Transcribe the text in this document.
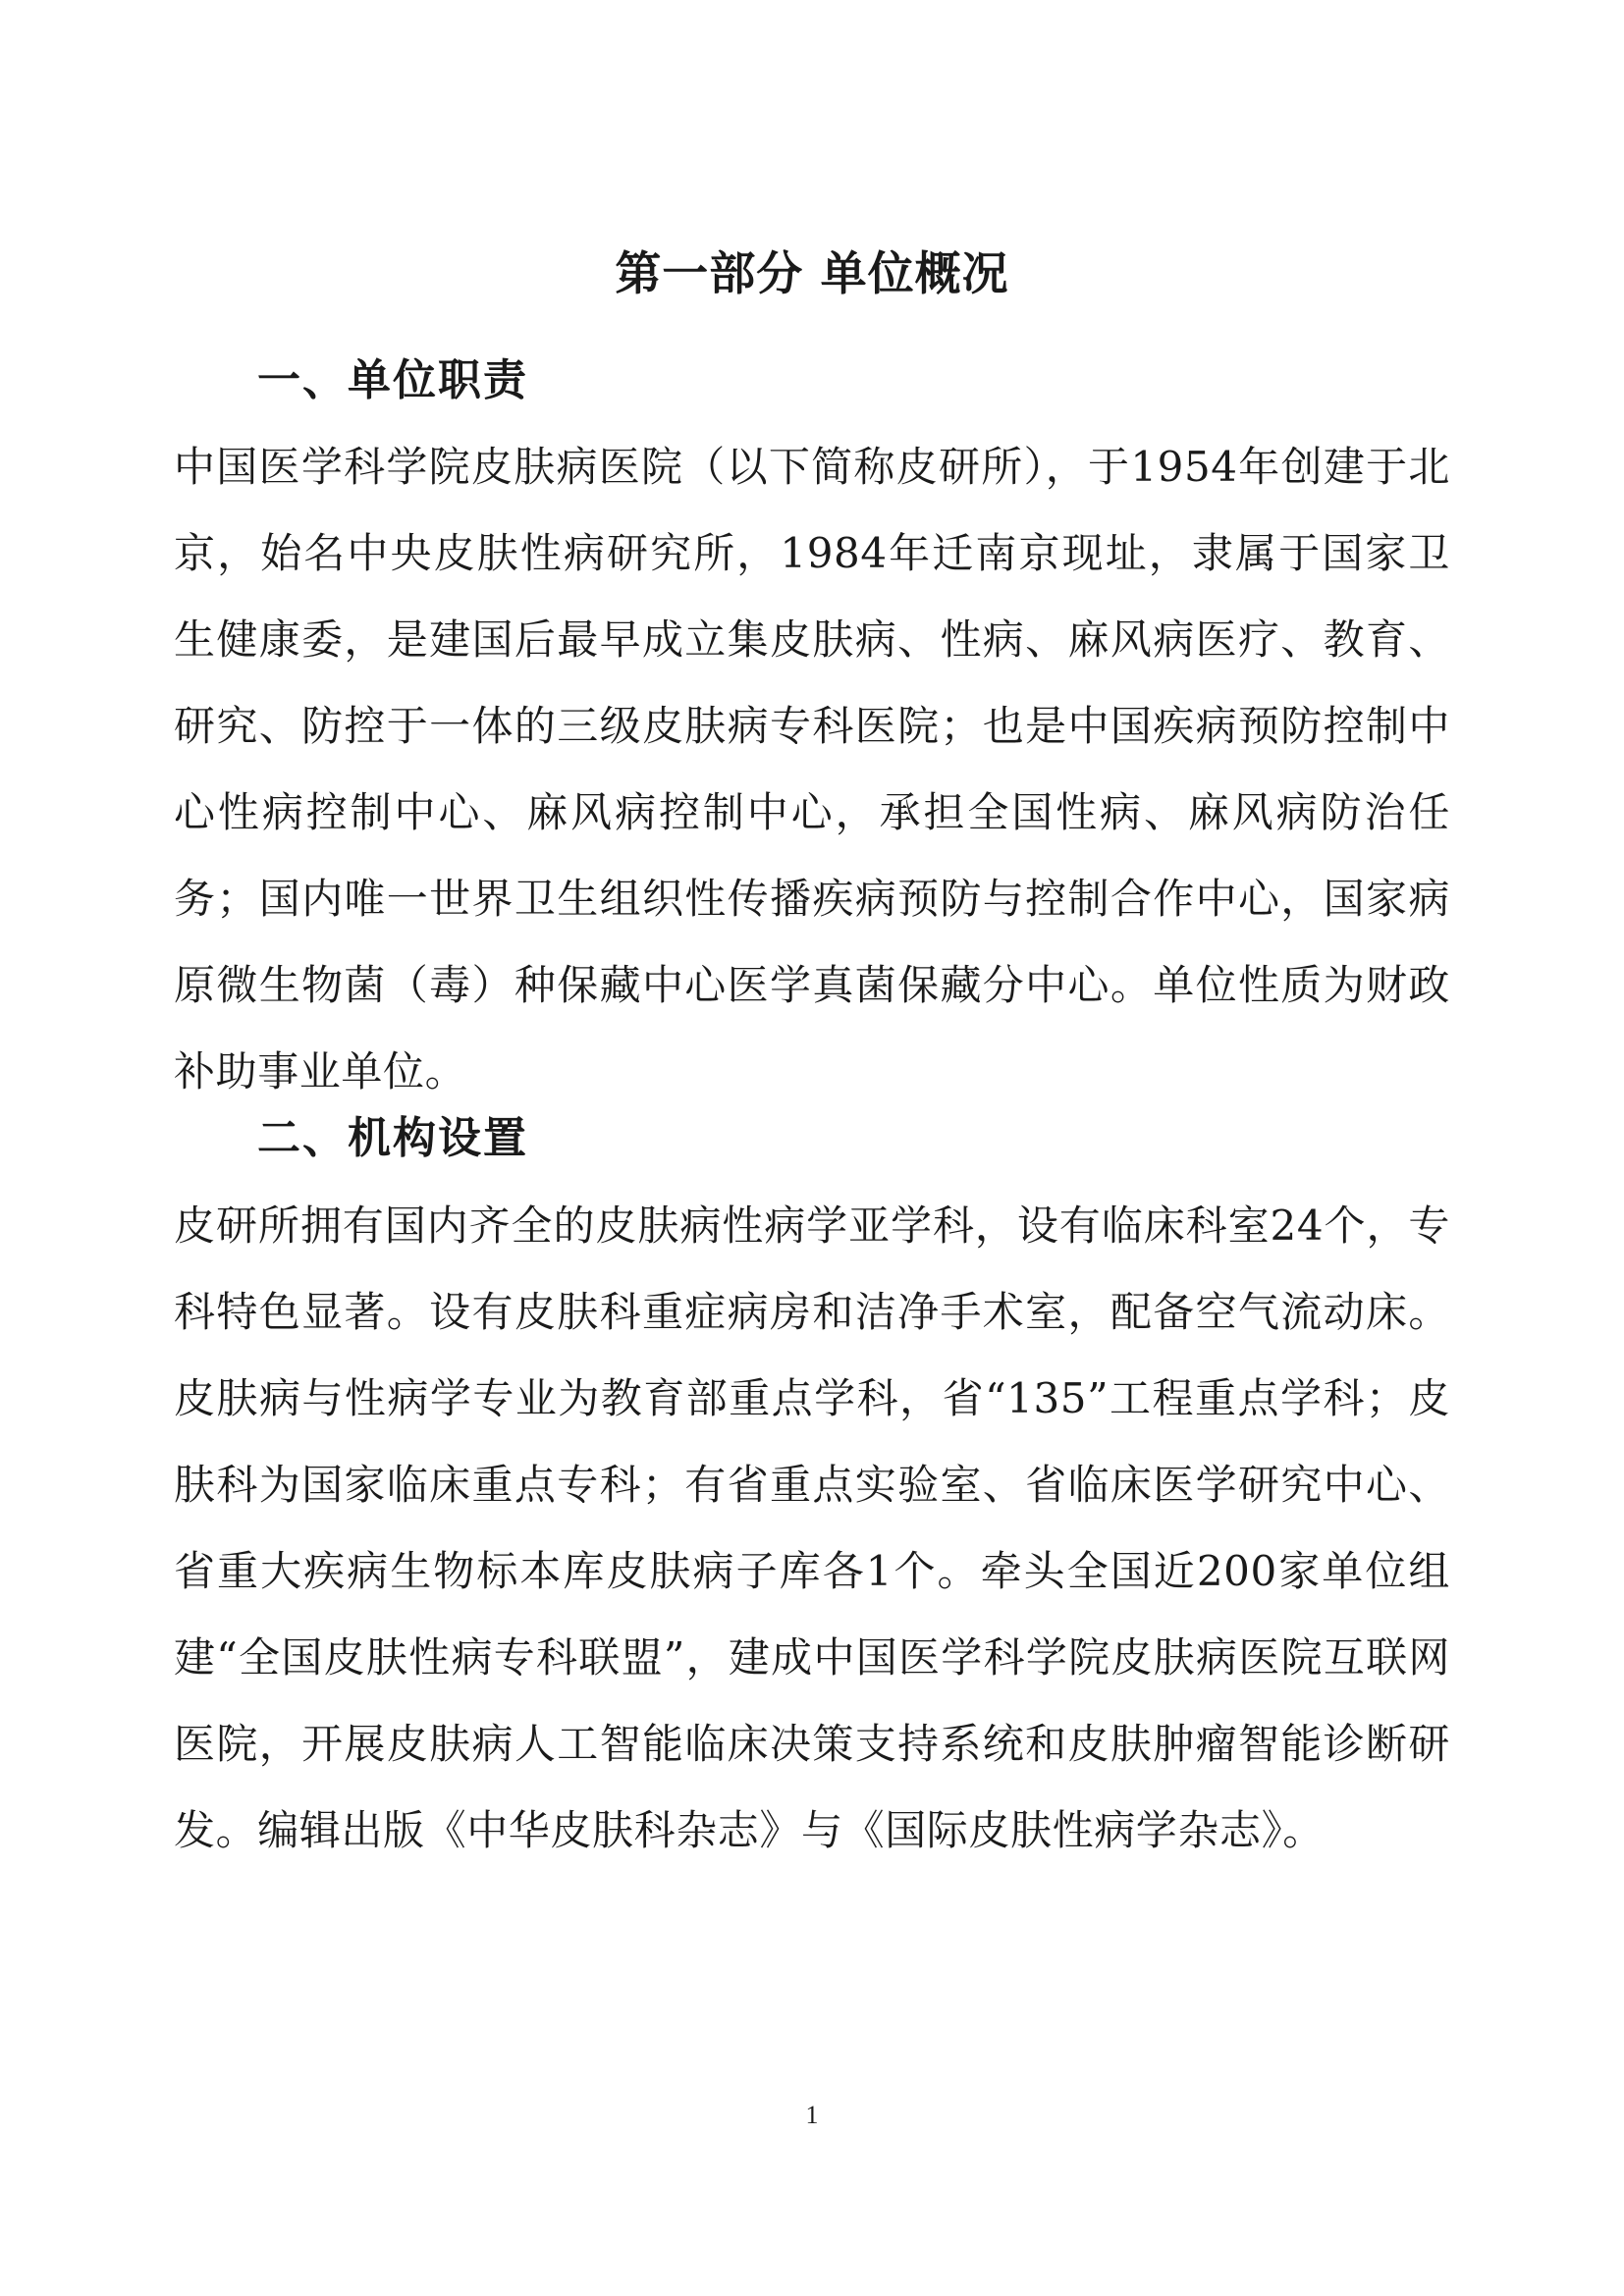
第一部分 单位概况
一、单位职责

中国医学科学院皮肤病医院（以下简称皮研所），于1954年创建于北京，始名中央皮肤性病研究所，1984年迁南京现址，隶属于国家卫生健康委，是建国后最早成立集皮肤病、性病、麻风病医疗、教育、研究、防控于一体的三级皮肤病专科医院；也是中国疾病预防控制中心性病控制中心、麻风病控制中心，承担全国性病、麻风病防治任务；国内唯一世界卫生组织性传播疾病预防与控制合作中心，国家病原微生物菌（毒）种保藏中心医学真菌保藏分中心。单位性质为财政补助事业单位。

二、机构设置

皮研所拥有国内齐全的皮肤病性病学亚学科，设有临床科室24个，专科特色显著。设有皮肤科重症病房和洁净手术室，配备空气流动床。皮肤病与性病学专业为教育部重点学科，省“135”工程重点学科；皮肤科为国家临床重点专科；有省重点实验室、省临床医学研究中心、省重大疾病生物标本库皮肤病子库各1个。牵头全国近200家单位组建“全国皮肤性病专科联盟”，建成中国医学科学院皮肤病医院互联网医院，开展皮肤病人工智能临床决策支持系统和皮肤肿瘤智能诊断研发。编辑出版《中华皮肤科杂志》与《国际皮肤性病学杂志》。

1
